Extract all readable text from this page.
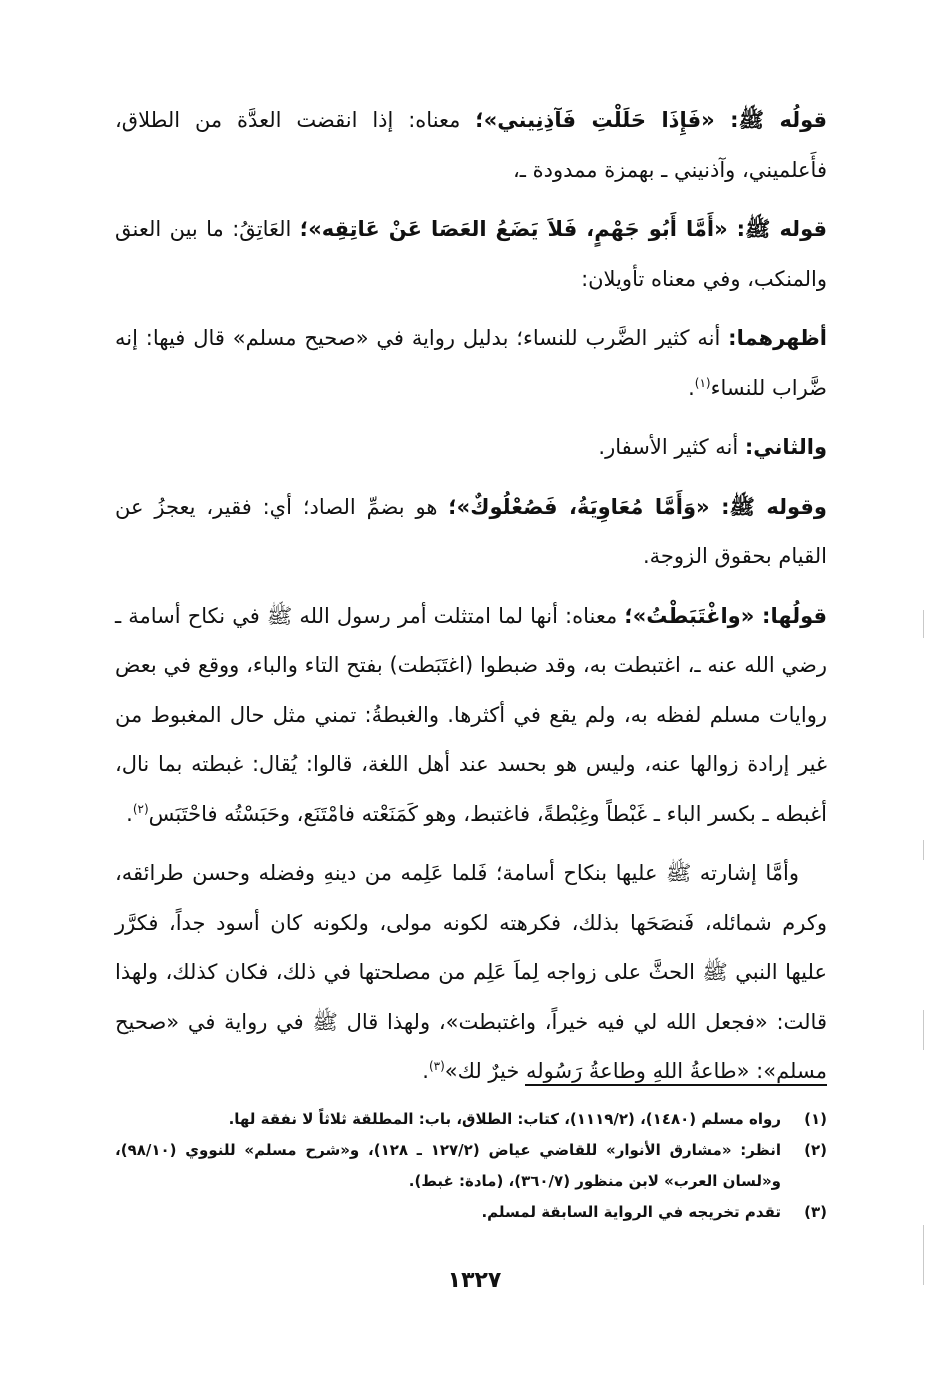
قولُه ﷺ: «فَإِذَا حَلَلْتِ فَآذِنِيني»؛ معناه: إذا انقضت العدَّة من الطلاق، فأَعلميني، وآذنيني ـ بهمزة ممدودة ـ،

قوله ﷺ: «أَمَّا أَبُو جَهْمٍ، فَلاَ يَضَعُ العَصَا عَنْ عَاتِقِه»؛ العَاتِقُ: ما بين العنق والمنكب، وفي معناه تأويلان:

أظهرهما: أنه كثير الضَّرب للنساء؛ بدليل رواية في «صحيح مسلم» قال فيها: إنه ضَّراب للنساء$^{(١)}$.

والثاني: أنه كثير الأسفار.

وقوله ﷺ: «وَأَمَّا مُعَاوِيَةُ، فَصُعْلُوكٌ»؛ هو بضمِّ الصاد؛ أي: فقير، يعجزُ عن القيام بحقوق الزوجة.

قولُها: «واغْتَبَطْتُ»؛ معناه: أنها لما امتثلت أمر رسول الله ﷺ في نكاح أسامة ـ رضي الله عنه ـ، اغتبطت به، وقد ضبطوا (اغتَبَطت) بفتح التاء والباء، ووقع في بعض روايات مسلم لفظه به، ولم يقع في أكثرها. والغبطةُ: تمني مثل حال المغبوط من غير إرادة زوالها عنه، وليس هو بحسد عند أهل اللغة، قالوا: يُقال: غبطته بما نال، أغبطه ـ بكسر الباء ـ غَبْطاً وغِبْطةً، فاغتبط، وهو كَمَنَعْته فامْتَنَع، وحَبَسْتُه فاحْتَبَس$^{(٢)}$.

وأمَّا إشارته ﷺ عليها بنكاح أسامة؛ فَلما عَلِمه من دينهِ وفضله وحسن طرائقه، وكرم شمائله، فَنصَحَها بذلك، فكرهته لكونه مولى، ولكونه كان أسود جداً، فكرَّر عليها النبي ﷺ الحثَّ على زواجه لِماَ عَلِم من مصلحتها في ذلك، فكان كذلك، ولهذا قالت: «فجعل الله لي فيه خيراً، واغتبطت»، ولهذا قال ﷺ في رواية في «صحيح مسلم»: «طاعةُ اللهِ وطاعةُ رَسُوله خيرٌ لك»$^{(٣)}$.

(١)
رواه مسلم (١٤٨٠)، (١١١٩/٢)، كتاب: الطلاق، باب: المطلقة ثلاثاً لا نفقة لها.
(٢)
انظر: «مشارق الأنوار» للقاضي عياض (١٢٧/٢ ـ ١٢٨)، و«شرح مسلم» للنووي (٩٨/١٠)، و«لسان العرب» لابن منظور (٣٦٠/٧)، (مادة: غبط).
(٣)
تقدم تخريجه في الرواية السابقة لمسلم.
١٣٢٧
